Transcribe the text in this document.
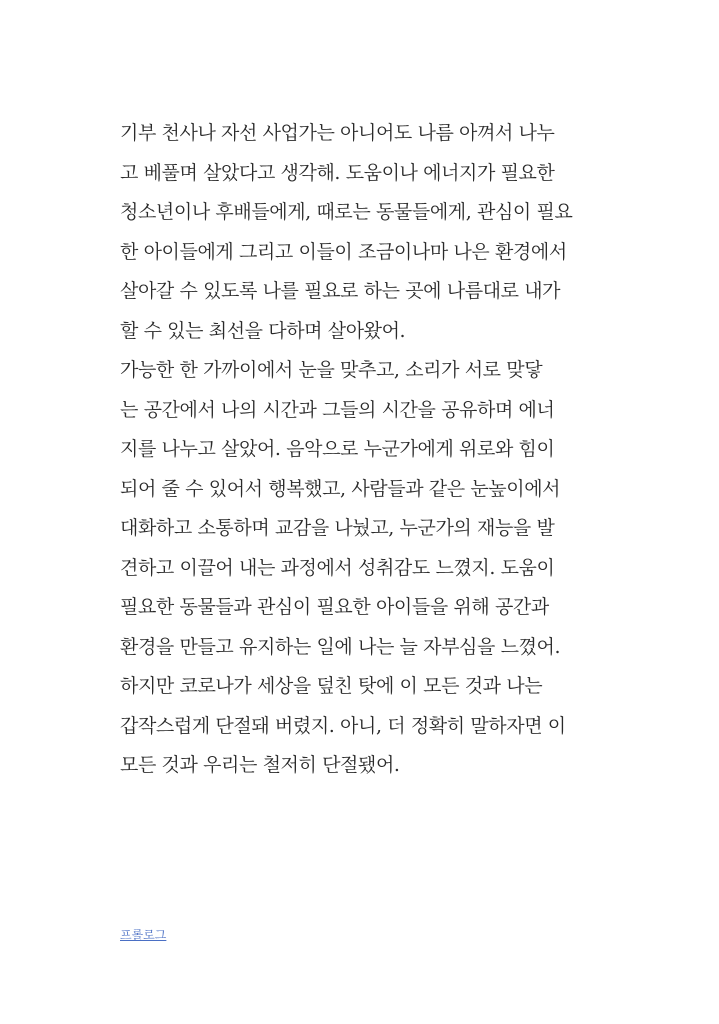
기부 천사나 자선 사업가는 아니어도 나름 아껴서 나누
고 베풀며 살았다고 생각해. 도움이나 에너지가 필요한
청소년이나 후배들에게, 때로는 동물들에게, 관심이 필요
한 아이들에게 그리고 이들이 조금이나마 나은 환경에서
살아갈 수 있도록 나를 필요로 하는 곳에 나름대로 내가
할 수 있는 최선을 다하며 살아왔어.
가능한 한 가까이에서 눈을 맞추고, 소리가 서로 맞닿
는 공간에서 나의 시간과 그들의 시간을 공유하며 에너
지를 나누고 살았어. 음악으로 누군가에게 위로와 힘이
되어 줄 수 있어서 행복했고, 사람들과 같은 눈높이에서
대화하고 소통하며 교감을 나눴고, 누군가의 재능을 발
견하고 이끌어 내는 과정에서 성취감도 느꼈지. 도움이
필요한 동물들과 관심이 필요한 아이들을 위해 공간과
환경을 만들고 유지하는 일에 나는 늘 자부심을 느꼈어.
하지만 코로나가 세상을 덮친 탓에 이 모든 것과 나는
갑작스럽게 단절돼 버렸지. 아니, 더 정확히 말하자면 이
모든 것과 우리는 철저히 단절됐어.
프롤로그
